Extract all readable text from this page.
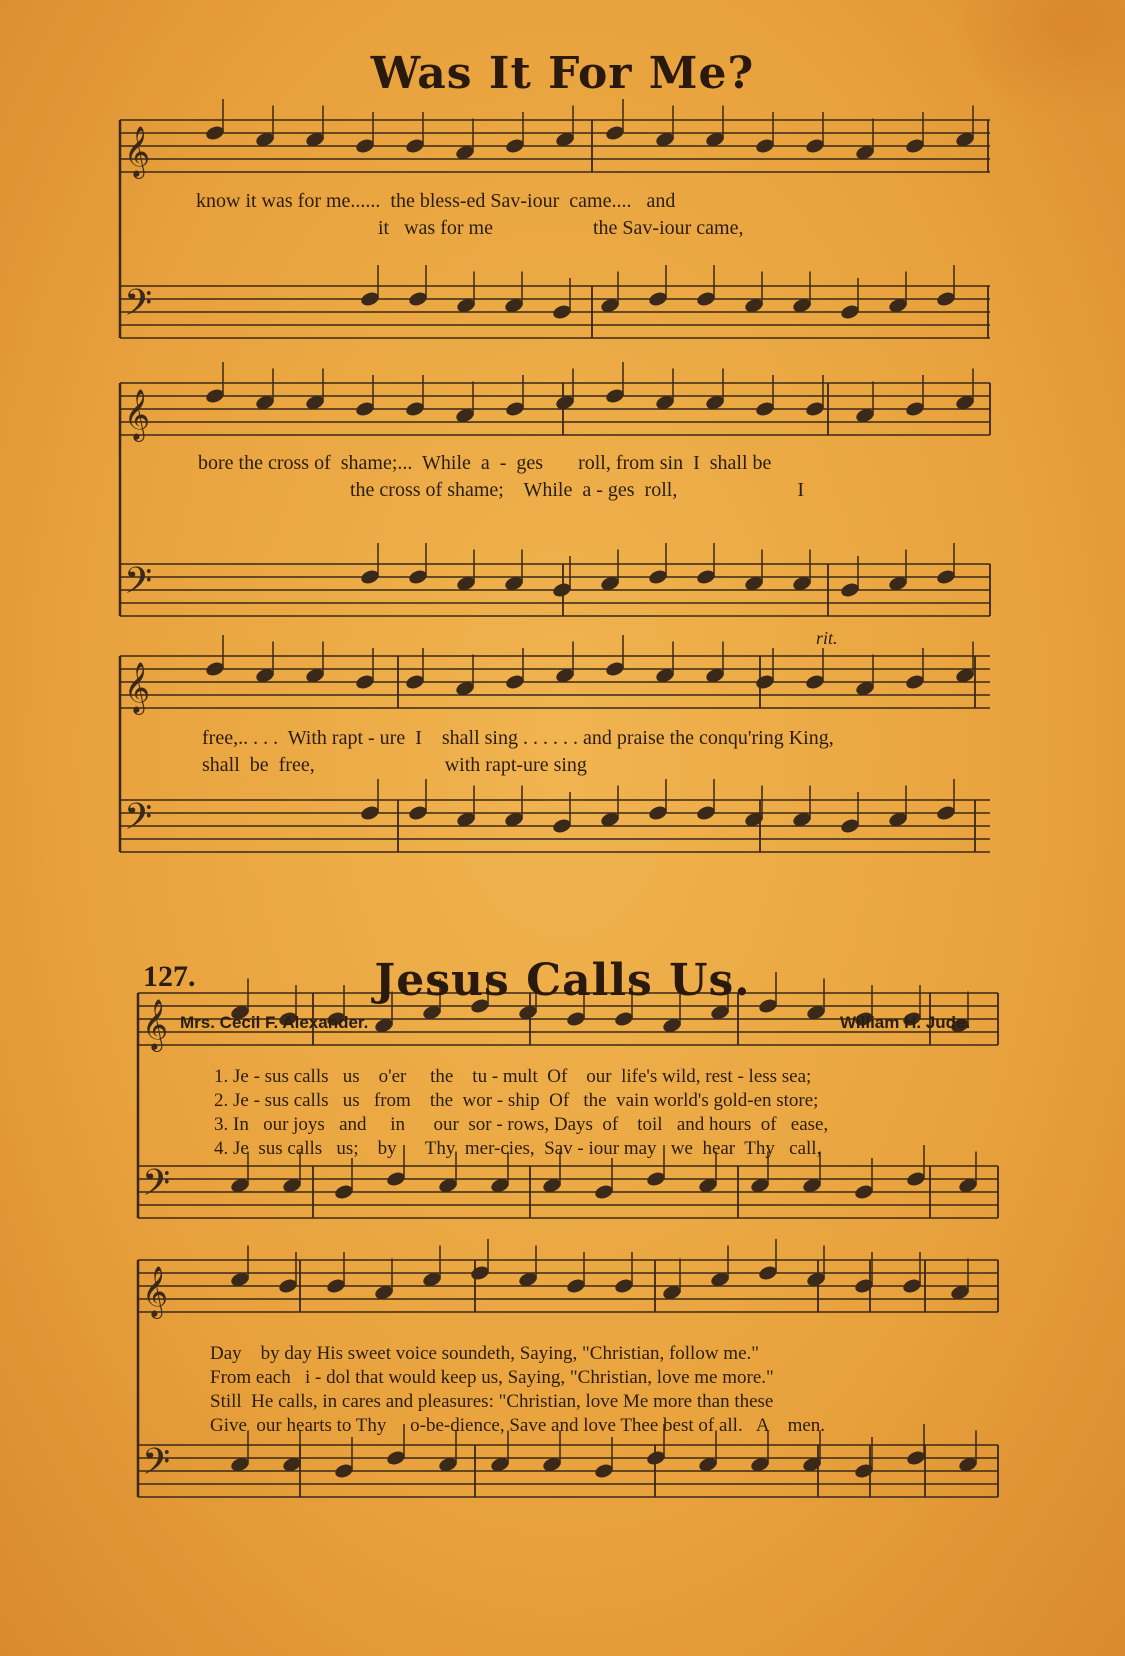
Was It For Me?
𝄞
𝄞
𝄞
𝄢
𝄢
𝄢
𝄞
𝄞
𝄢
𝄢
know it was for me......  the bless-ed Sav-iour  came....   and
it   was for me                    the Sav-iour came,
bore the cross of  shame;...  While  a  -  ges       roll, from sin  I  shall be
the cross of shame;    While  a - ges  roll,                        I
rit.
free,.. . . .  With rapt - ure  I    shall sing . . . . . . and praise the conqu'ring King,
shall  be  free,                          with rapt-ure sing
127.	Jesus Calls Us.
Mrs. Cecil F. Alexander.	William H. Jude.
1. Je - sus calls   us    o'er     the    tu - mult  Of    our  life's wild, rest - less sea;
2. Je - sus calls   us   from    the  wor - ship  Of   the  vain world's gold-en store;
3. In   our joys   and     in      our  sor - rows, Days  of    toil   and hours  of   ease,
4. Je  sus calls   us;    by      Thy  mer-cies,  Sav - iour may   we  hear  Thy   call,
Day    by day His sweet voice soundeth, Saying, "Christian, follow me."
From each   i - dol that would keep us, Saying, "Christian, love me more."
Still  He calls, in cares and pleasures: "Christian, love Me more than these
Give  our hearts to Thy     o-be-dience, Save and love Thee best of all.   A    men.
